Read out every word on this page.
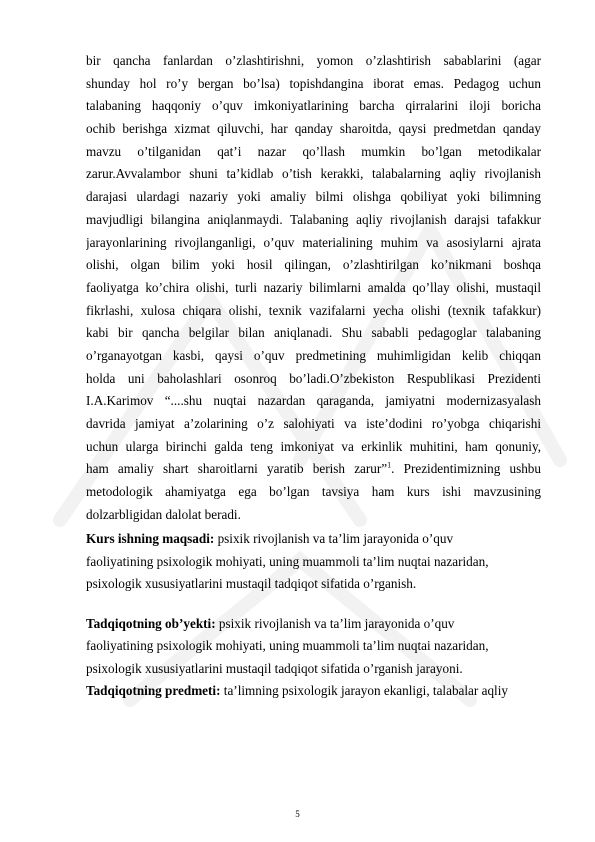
bir qancha fanlardan o’zlashtirishni, yomon o’zlashtirish sabablarini (agar
shunday hol ro’y bergan bo’lsa) topishdangina iborat emas. Pedagog uchun
talabaning haqqoniy o’quv imkoniyatlarining barcha qirralarini iloji boricha
ochib berishga xizmat qiluvchi, har qanday sharoitda, qaysi predmetdan qanday
mavzu o’tilganidan qat’i nazar qo’llash mumkin bo’lgan metodikalar
zarur.Avvalambor shuni ta’kidlab o’tish kerakki, talabalarning aqliy rivojlanish
darajasi ulardagi nazariy yoki amaliy bilmi olishga qobiliyat yoki bilimning
mavjudligi bilangina aniqlanmaydi. Talabaning aqliy rivojlanish darajsi tafakkur
jarayonlarining rivojlanganligi, o’quv materialining muhim va asosiylarni ajrata
olishi, olgan bilim yoki hosil qilingan, o’zlashtirilgan ko’nikmani boshqa
faoliyatga ko’chira olishi, turli nazariy bilimlarni amalda qo’llay olishi, mustaqil
fikrlashi, xulosa chiqara olishi, texnik vazifalarni yecha olishi (texnik tafakkur)
kabi bir qancha belgilar bilan aniqlanadi. Shu sababli pedagoglar talabaning
o’rganayotgan kasbi, qaysi o’quv predmetining muhimligidan kelib chiqqan
holda uni baholashlari osonroq bo’ladi.O’zbekiston Respublikasi Prezidenti
I.A.Karimov “....shu nuqtai nazardan qaraganda, jamiyatni modernizasyalash
davrida jamiyat a’zolarining o’z salohiyati va iste’dodini ro’yobga chiqarishi
uchun ularga birinchi galda teng imkoniyat va erkinlik muhitini, ham qonuniy,
ham amaliy shart sharoitlarni yaratib berish zarur”$^1$. Prezidentimizning ushbu
metodologik ahamiyatga ega bo’lgan tavsiya ham kurs ishi mavzusining
dolzarbligidan dalolat beradi.
Kurs ishning maqsadi: psixik rivojlanish va ta’lim jarayonida o’quv
faoliyatining psixologik mohiyati, uning muammoli ta’lim nuqtai nazaridan,
psixologik xususiyatlarini mustaqil tadqiqot sifatida o’rganish.
Tadqiqotning ob’yekti: psixik rivojlanish va ta’lim jarayonida o’quv
faoliyatining psixologik mohiyati, uning muammoli ta’lim nuqtai nazaridan,
psixologik xususiyatlarini mustaqil tadqiqot sifatida o’rganish jarayoni.
Tadqiqotning predmeti: ta’limning psixologik jarayon ekanligi, talabalar aqliy
5
